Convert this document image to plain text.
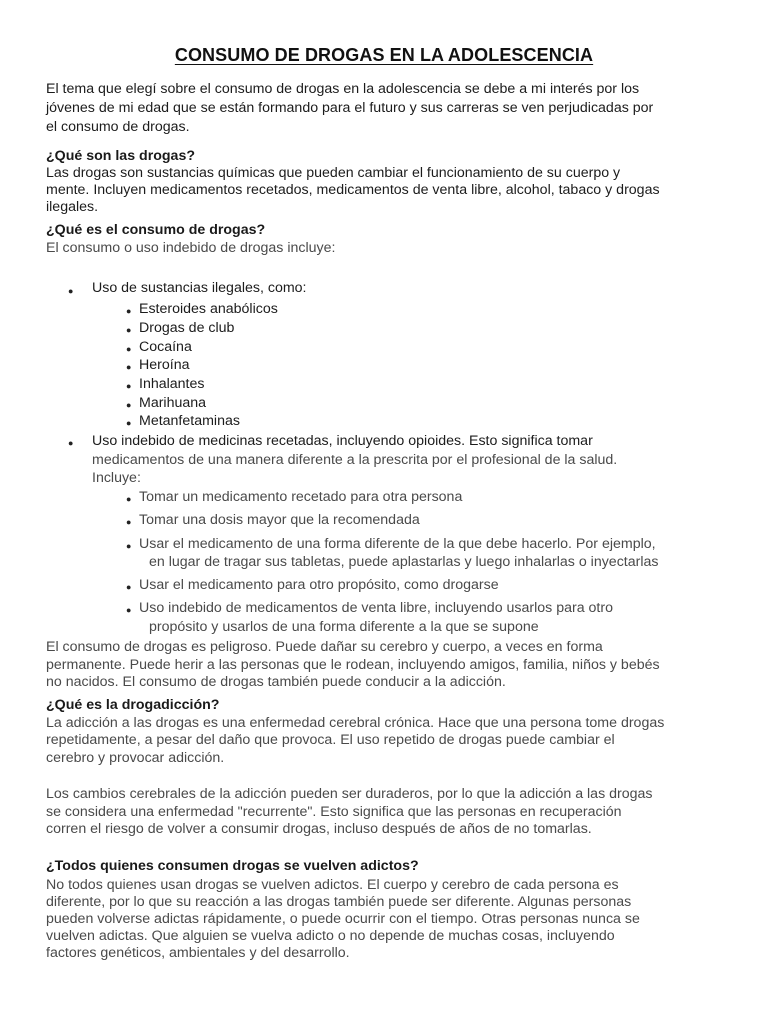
CONSUMO DE DROGAS EN LA ADOLESCENCIA

El tema que elegí sobre el consumo de drogas en la adolescencia se debe a mi interés por los

jóvenes de mi edad que se están formando para el futuro y sus carreras se ven perjudicadas por

el consumo de drogas.

¿Qué son las drogas?

Las drogas son sustancias químicas que pueden cambiar el funcionamiento de su cuerpo y

mente. Incluyen medicamentos recetados, medicamentos de venta libre, alcohol, tabaco y drogas

ilegales.

¿Qué es el consumo de drogas?

El consumo o uso indebido de drogas incluye:

● Uso de sustancias ilegales, como:

● Esteroides anabólicos

● Drogas de club

● Cocaína

● Heroína

● Inhalantes

● Marihuana

● Metanfetaminas

● Uso indebido de medicinas recetadas, incluyendo opioides. Esto significa tomar

medicamentos de una manera diferente a la prescrita por el profesional de la salud.

Incluye:

● Tomar un medicamento recetado para otra persona

● Tomar una dosis mayor que la recomendada

● Usar el medicamento de una forma diferente de la que debe hacerlo. Por ejemplo,

en lugar de tragar sus tabletas, puede aplastarlas y luego inhalarlas o inyectarlas

● Usar el medicamento para otro propósito, como drogarse

● Uso indebido de medicamentos de venta libre, incluyendo usarlos para otro

propósito y usarlos de una forma diferente a la que se supone

El consumo de drogas es peligroso. Puede dañar su cerebro y cuerpo, a veces en forma

permanente. Puede herir a las personas que le rodean, incluyendo amigos, familia, niños y bebés

no nacidos. El consumo de drogas también puede conducir a la adicción.

¿Qué es la drogadicción?

La adicción a las drogas es una enfermedad cerebral crónica. Hace que una persona tome drogas

repetidamente, a pesar del daño que provoca. El uso repetido de drogas puede cambiar el

cerebro y provocar adicción.

Los cambios cerebrales de la adicción pueden ser duraderos, por lo que la adicción a las drogas

se considera una enfermedad "recurrente". Esto significa que las personas en recuperación

corren el riesgo de volver a consumir drogas, incluso después de años de no tomarlas.

¿Todos quienes consumen drogas se vuelven adictos?

No todos quienes usan drogas se vuelven adictos. El cuerpo y cerebro de cada persona es

diferente, por lo que su reacción a las drogas también puede ser diferente. Algunas personas

pueden volverse adictas rápidamente, o puede ocurrir con el tiempo. Otras personas nunca se

vuelven adictas. Que alguien se vuelva adicto o no depende de muchas cosas, incluyendo

factores genéticos, ambientales y del desarrollo.
